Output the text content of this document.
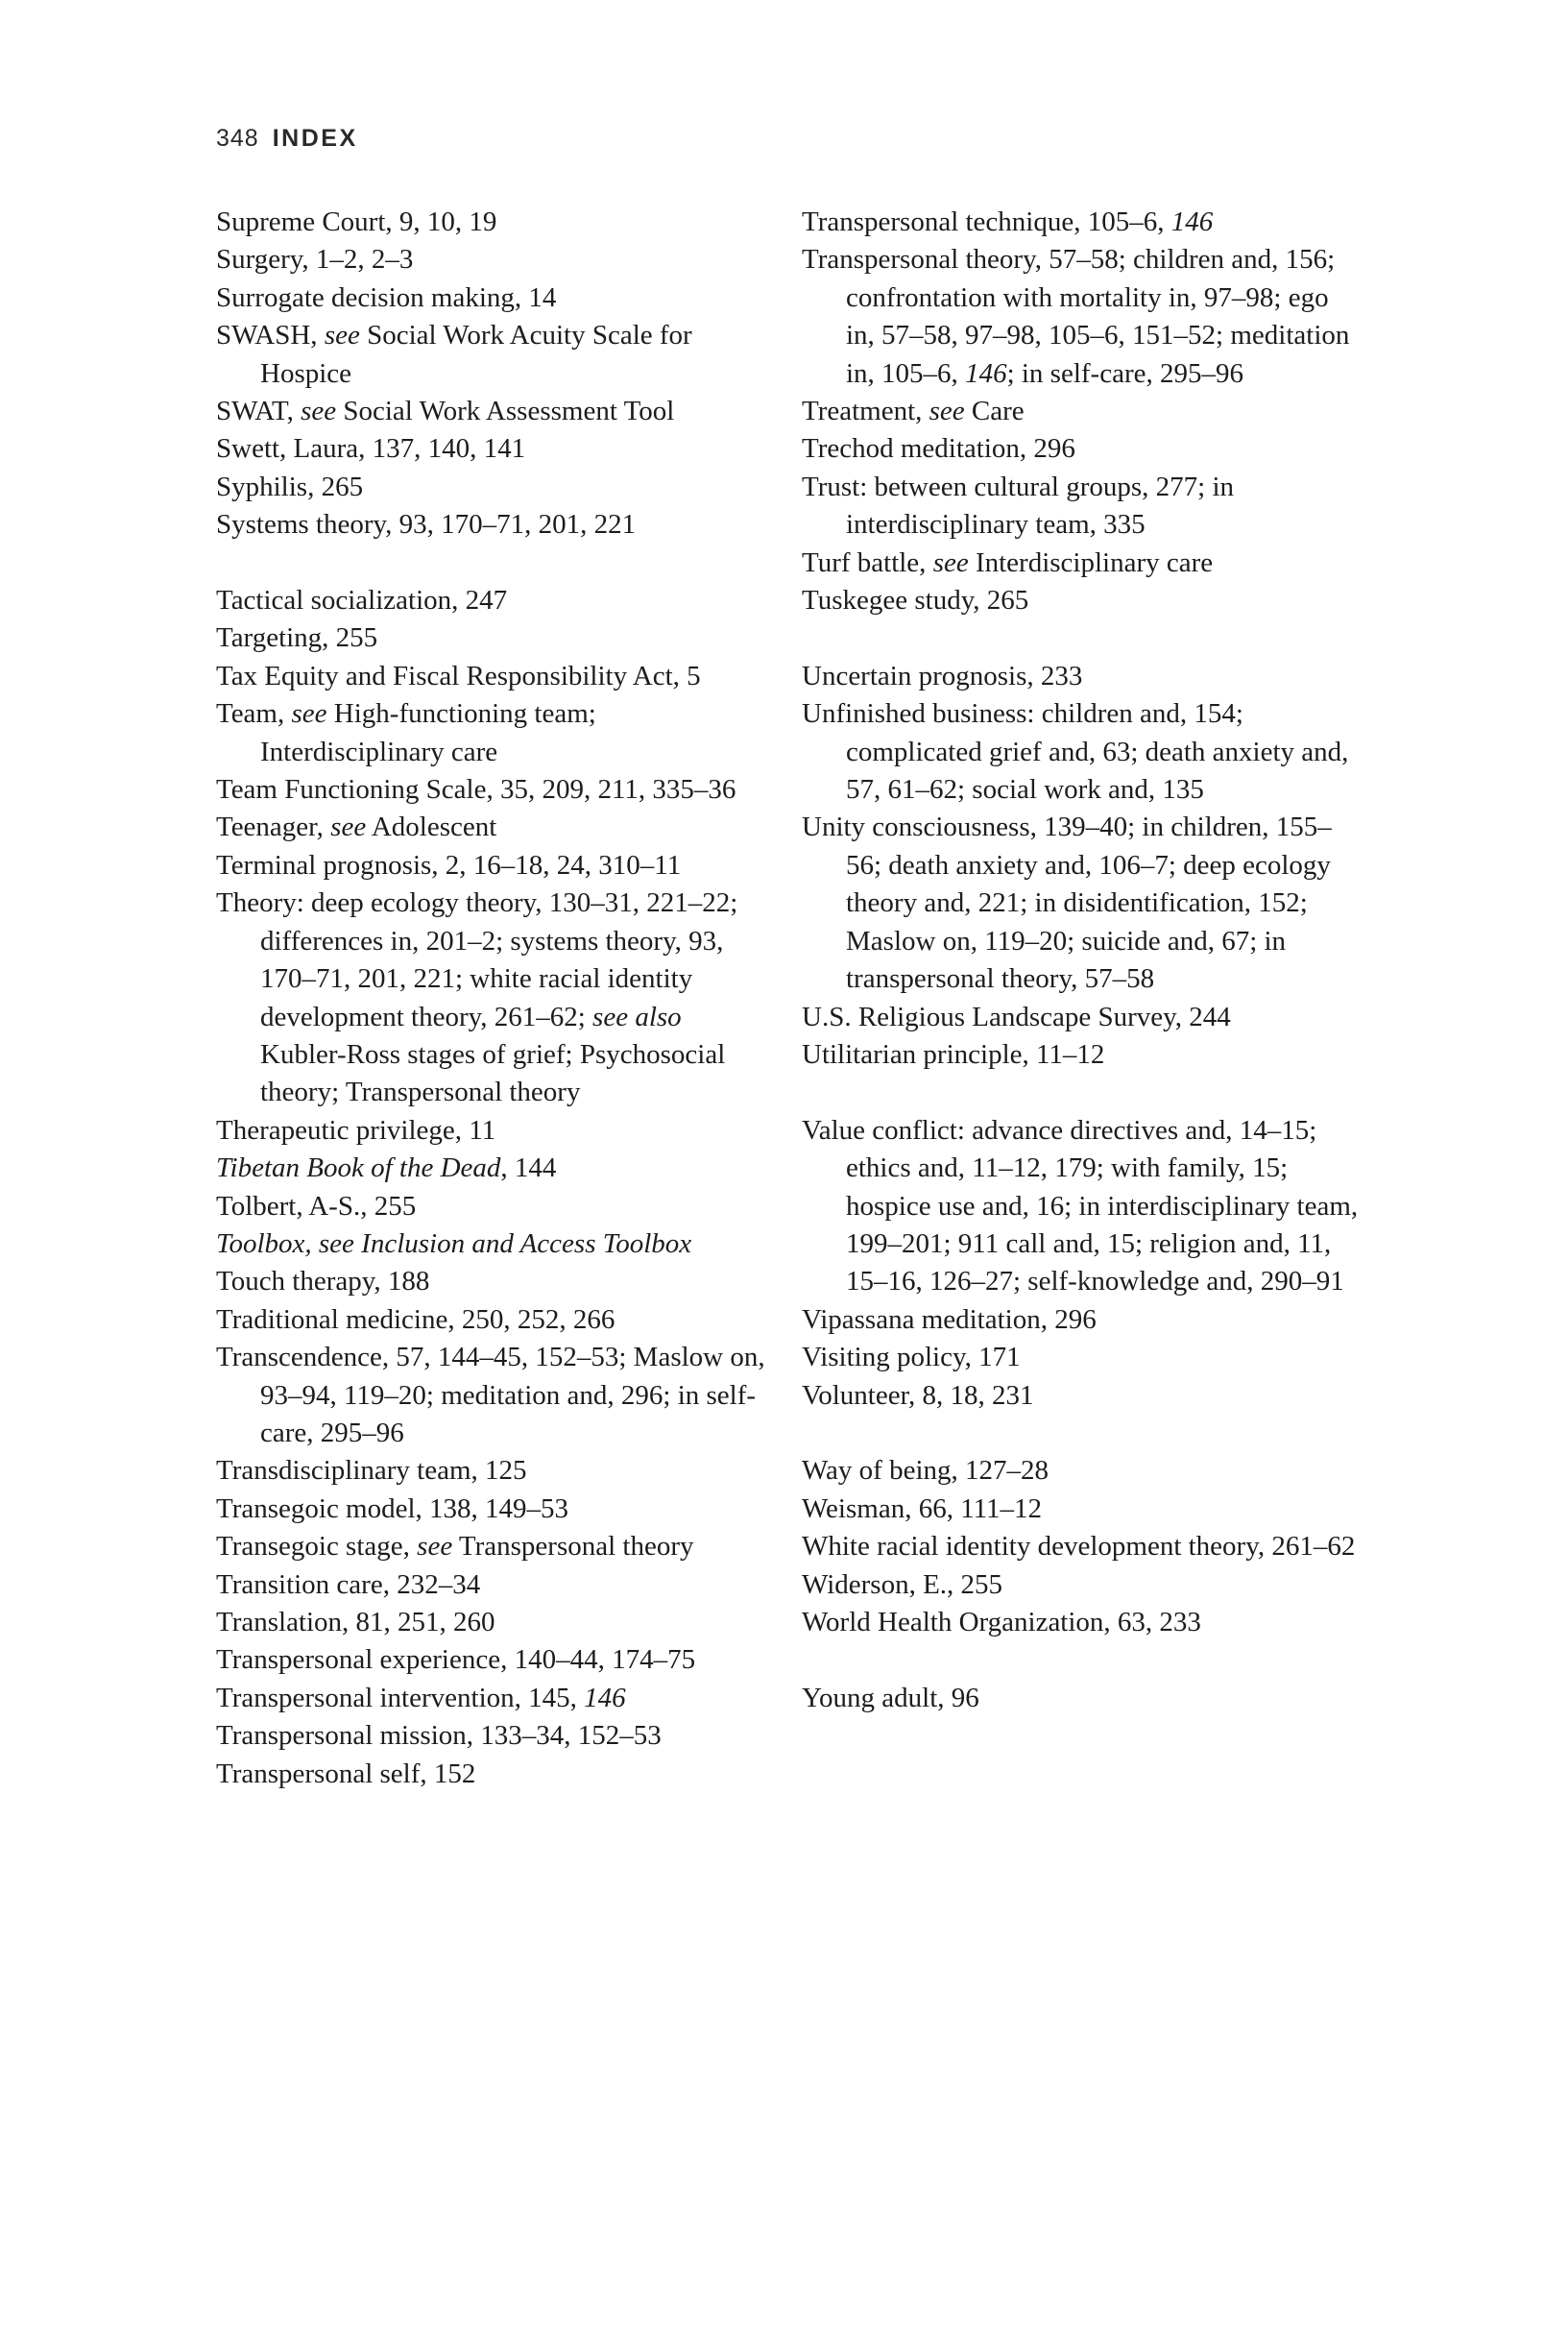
348 INDEX
Supreme Court, 9, 10, 19
Surgery, 1–2, 2–3
Surrogate decision making, 14
SWASH, see Social Work Acuity Scale for Hospice
SWAT, see Social Work Assessment Tool
Swett, Laura, 137, 140, 141
Syphilis, 265
Systems theory, 93, 170–71, 201, 221
Tactical socialization, 247
Targeting, 255
Tax Equity and Fiscal Responsibility Act, 5
Team, see High-functioning team; Interdisciplinary care
Team Functioning Scale, 35, 209, 211, 335–36
Teenager, see Adolescent
Terminal prognosis, 2, 16–18, 24, 310–11
Theory: deep ecology theory, 130–31, 221–22; differences in, 201–2; systems theory, 93, 170–71, 201, 221; white racial identity development theory, 261–62; see also Kubler-Ross stages of grief; Psychosocial theory; Transpersonal theory
Therapeutic privilege, 11
Tibetan Book of the Dead, 144
Tolbert, A-S., 255
Toolbox, see Inclusion and Access Toolbox
Touch therapy, 188
Traditional medicine, 250, 252, 266
Transcendence, 57, 144–45, 152–53; Maslow on, 93–94, 119–20; meditation and, 296; in self-care, 295–96
Transdisciplinary team, 125
Transegoic model, 138, 149–53
Transegoic stage, see Transpersonal theory
Transition care, 232–34
Translation, 81, 251, 260
Transpersonal experience, 140–44, 174–75
Transpersonal intervention, 145, 146
Transpersonal mission, 133–34, 152–53
Transpersonal self, 152
Transpersonal technique, 105–6, 146
Transpersonal theory, 57–58; children and, 156; confrontation with mortality in, 97–98; ego in, 57–58, 97–98, 105–6, 151–52; meditation in, 105–6, 146; in self-care, 295–96
Treatment, see Care
Trechod meditation, 296
Trust: between cultural groups, 277; in interdisciplinary team, 335
Turf battle, see Interdisciplinary care
Tuskegee study, 265
Uncertain prognosis, 233
Unfinished business: children and, 154; complicated grief and, 63; death anxiety and, 57, 61–62; social work and, 135
Unity consciousness, 139–40; in children, 155–56; death anxiety and, 106–7; deep ecology theory and, 221; in disidentification, 152; Maslow on, 119–20; suicide and, 67; in transpersonal theory, 57–58
U.S. Religious Landscape Survey, 244
Utilitarian principle, 11–12
Value conflict: advance directives and, 14–15; ethics and, 11–12, 179; with family, 15; hospice use and, 16; in interdisciplinary team, 199–201; 911 call and, 15; religion and, 11, 15–16, 126–27; self-knowledge and, 290–91
Vipassana meditation, 296
Visiting policy, 171
Volunteer, 8, 18, 231
Way of being, 127–28
Weisman, 66, 111–12
White racial identity development theory, 261–62
Widerson, E., 255
World Health Organization, 63, 233
Young adult, 96
